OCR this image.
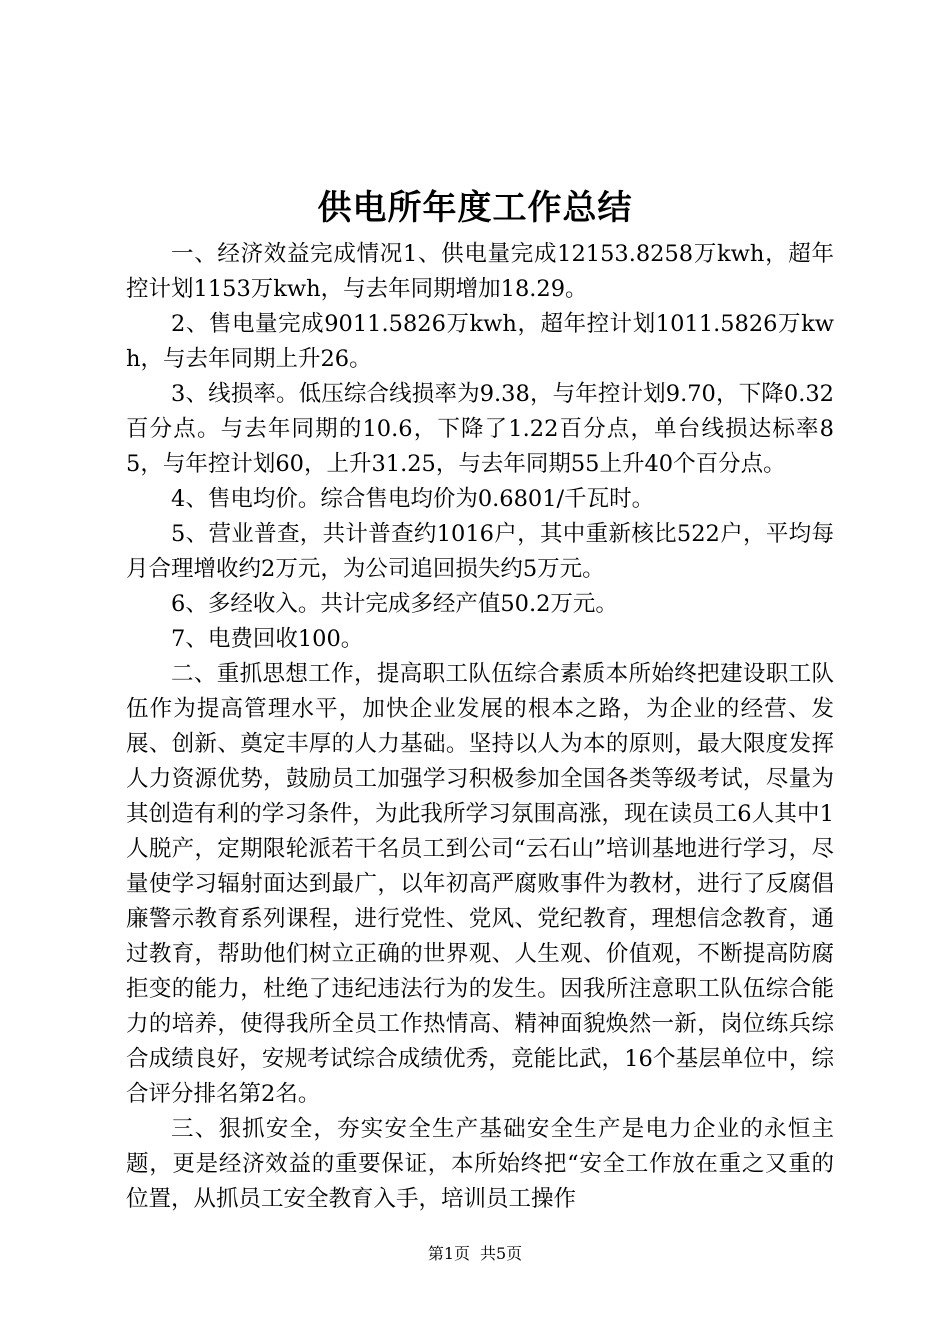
供电所年度工作总结

一、经济效益完成情况1、供电量完成12153.8258万kwh，超年控计划1153万kwh，与去年同期增加18.29。

2、售电量完成9011.5826万kwh，超年控计划1011.5826万kwh，与去年同期上升26。

3、线损率。低压综合线损率为9.38，与年控计划9.70，下降0.32百分点。与去年同期的10.6，下降了1.22百分点，单台线损达标率85，与年控计划60，上升31.25，与去年同期55上升40个百分点。

4、售电均价。综合售电均价为0.6801/千瓦时。

5、营业普查，共计普查约1016户，其中重新核比522户，平均每月合理增收约2万元，为公司追回损失约5万元。

6、多经收入。共计完成多经产值50.2万元。

7、电费回收100。

二、重抓思想工作，提高职工队伍综合素质本所始终把建设职工队伍作为提高管理水平，加快企业发展的根本之路，为企业的经营、发展、创新、奠定丰厚的人力基础。坚持以人为本的原则，最大限度发挥人力资源优势，鼓励员工加强学习积极参加全国各类等级考试，尽量为其创造有利的学习条件，为此我所学习氛围高涨，现在读员工6人其中1人脱产，定期限轮派若干名员工到公司“云石山”培训基地进行学习，尽量使学习辐射面达到最广，以年初高严腐败事件为教材，进行了反腐倡廉警示教育系列课程，进行党性、党风、党纪教育，理想信念教育，通过教育，帮助他们树立正确的世界观、人生观、价值观，不断提高防腐拒变的能力，杜绝了违纪违法行为的发生。因我所注意职工队伍综合能力的培养，使得我所全员工作热情高、精神面貌焕然一新，岗位练兵综合成绩良好，安规考试综合成绩优秀，竞能比武，16个基层单位中，综合评分排名第2名。

三、狠抓安全，夯实安全生产基础安全生产是电力企业的永恒主题，更是经济效益的重要保证，本所始终把“安全工作放在重之又重的位置，从抓员工安全教育入手，培训员工操作

第1页 共5页
